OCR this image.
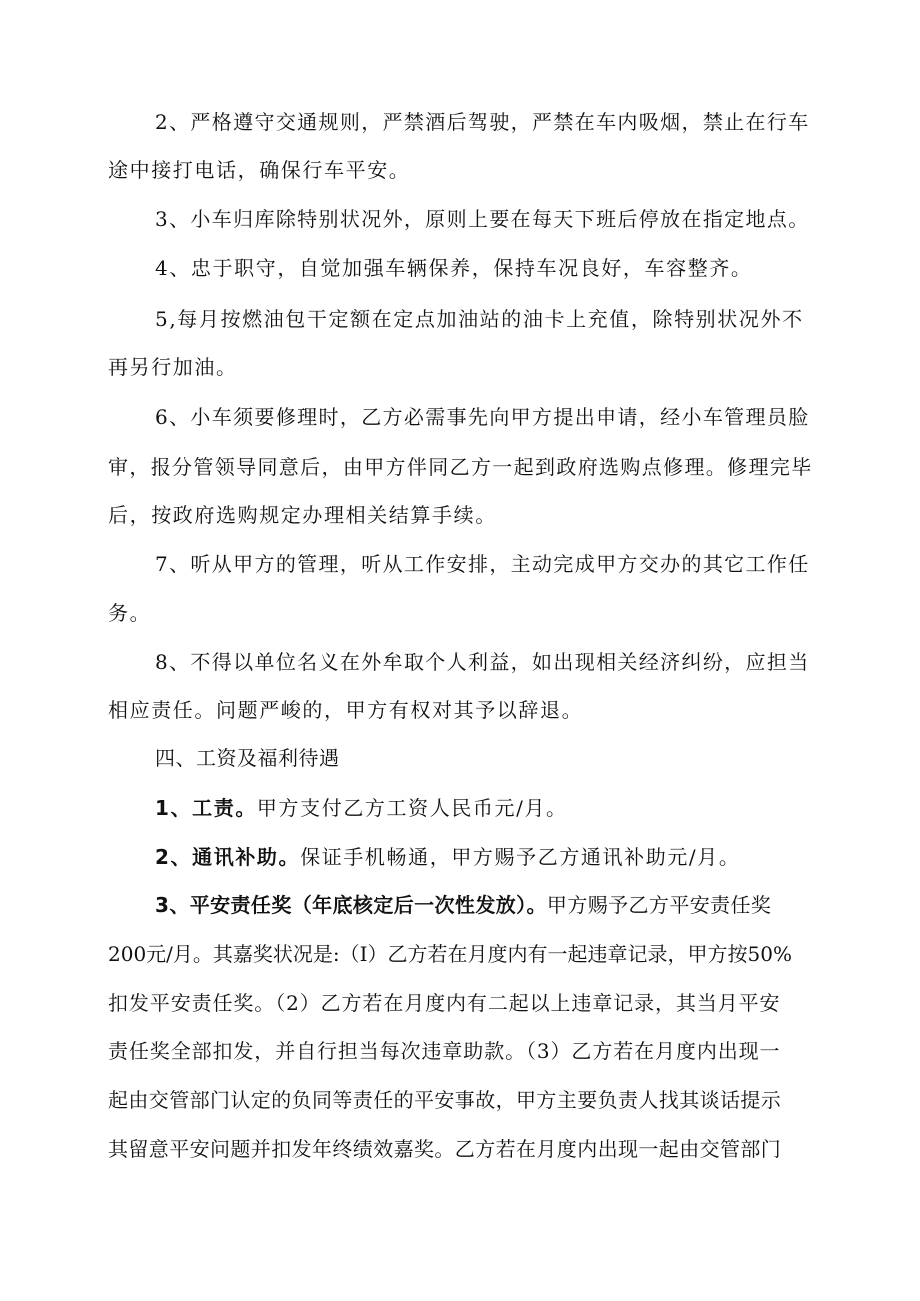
2、严格遵守交通规则，严禁酒后驾驶，严禁在车内吸烟，禁止在行车
途中接打电话，确保行车平安。
3、小车归库除特别状况外，原则上要在每天下班后停放在指定地点。
4、忠于职守，自觉加强车辆保养，保持车况良好，车容整齐。
5,每月按燃油包干定额在定点加油站的油卡上充值，除特别状况外不
再另行加油。
6、小车须要修理时，乙方必需事先向甲方提出申请，经小车管理员脸
审，报分管领导同意后，由甲方伴同乙方一起到政府选购点修理。修理完毕
后，按政府选购规定办理相关结算手续。
7、听从甲方的管理，听从工作安排，主动完成甲方交办的其它工作任
务。
8、不得以单位名义在外牟取个人利益，如出现相关经济纠纷，应担当
相应责任。问题严峻的，甲方有权对其予以辞退。
四、工资及福利待遇
1、工责。甲方支付乙方工资人民币元/月。
2、通讯补助。保证手机畅通，甲方赐予乙方通讯补助元/月。
3、平安责任奖（年底核定后一次性发放）。甲方赐予乙方平安责任奖
200元/月。其嘉奖状况是:（I）乙方若在月度内有一起违章记录，甲方按50%
扣发平安责任奖。（2）乙方若在月度内有二起以上违章记录，其当月平安
责任奖全部扣发，并自行担当每次违章助款。（3）乙方若在月度内出现一
起由交管部门认定的负同等责任的平安事故，甲方主要负责人找其谈话提示
其留意平安问题并扣发年终绩效嘉奖。乙方若在月度内出现一起由交管部门
